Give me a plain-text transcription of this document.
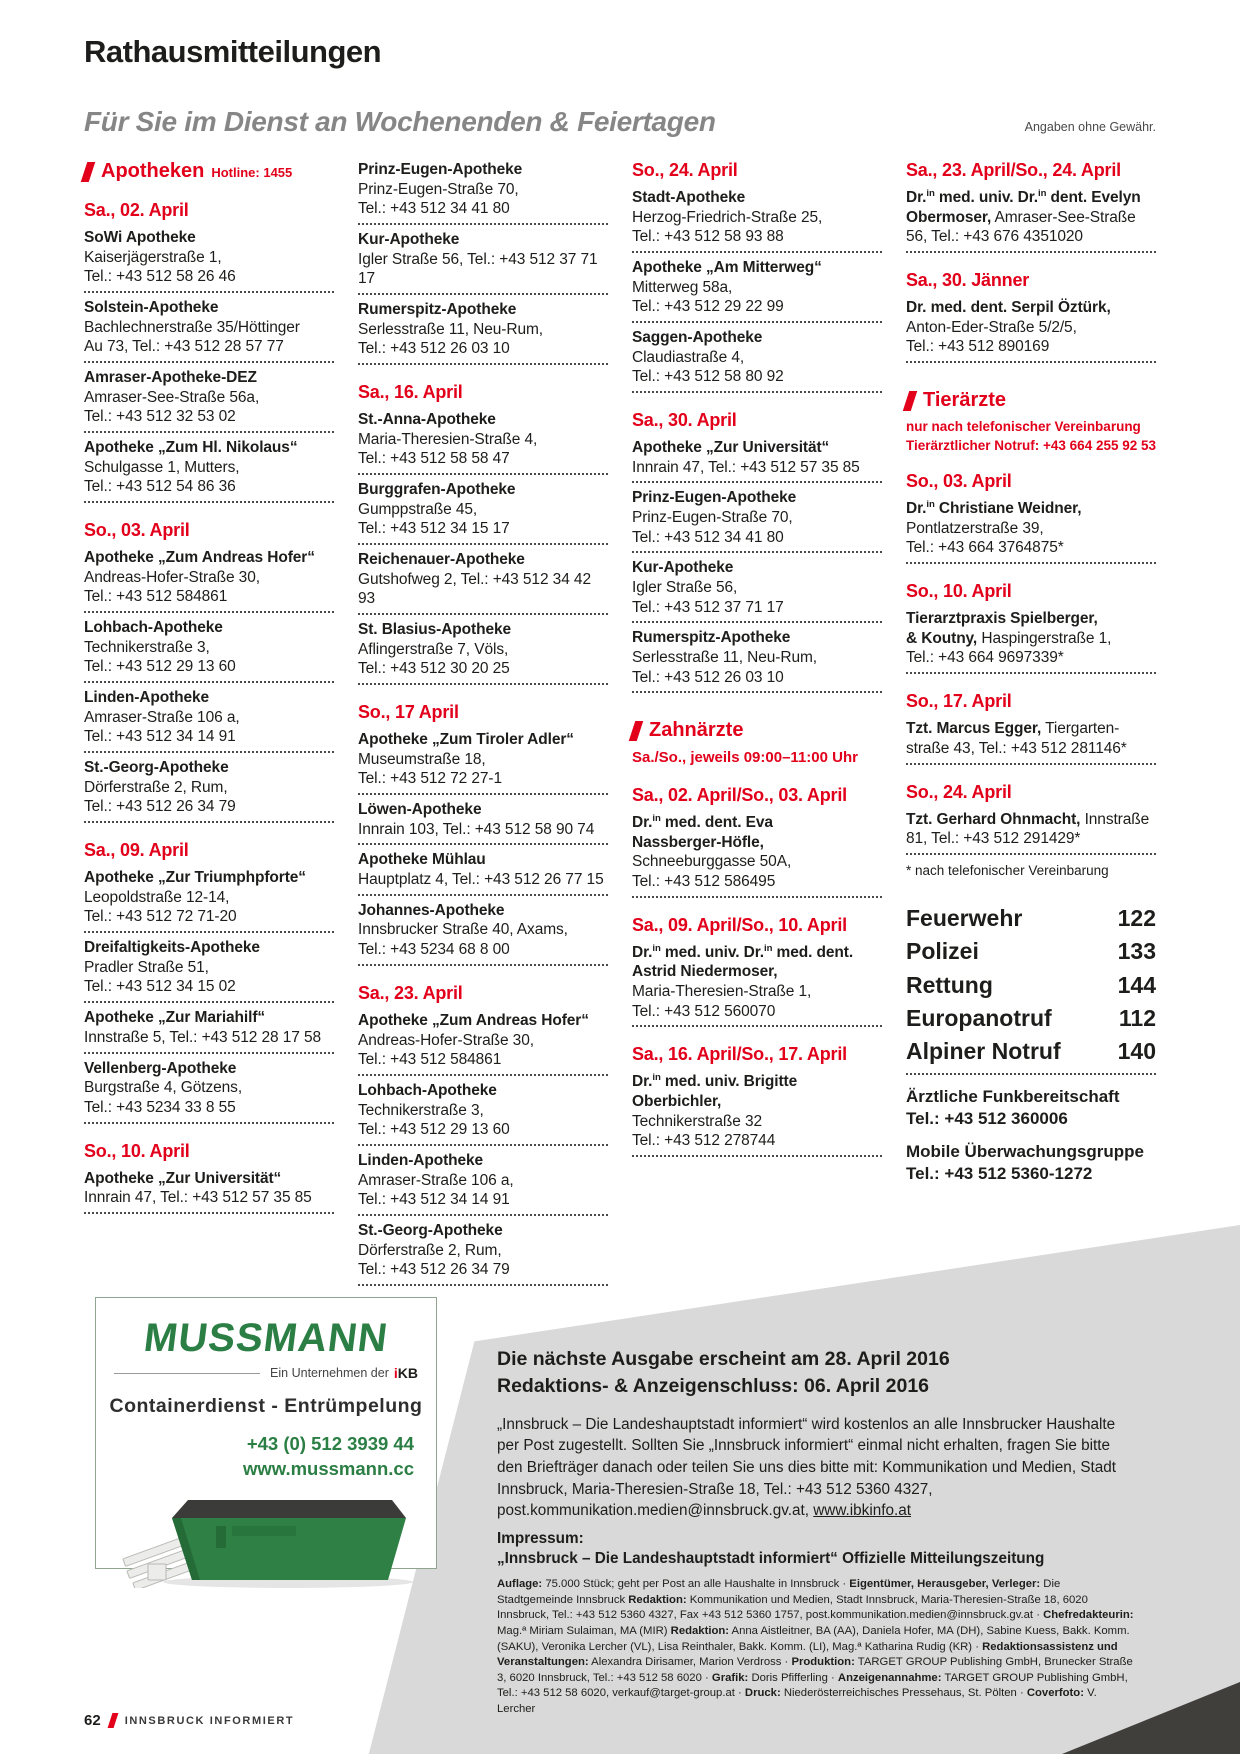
Rathausmitteilungen
Für Sie im Dienst an Wochenenden & Feiertagen	Angaben ohne Gewähr.
Apotheken Hotline: 1455
Sa., 02. April

SoWi Apotheke
Kaiserjägerstraße 1,
Tel.: +43 512 58 26 46

Solstein-Apotheke
Bachlechnerstraße 35/Höttinger
Au 73, Tel.: +43 512 28 57 77

Amraser-Apotheke-DEZ
Amraser-See-Straße 56a,
Tel.: +43 512 32 53 02

Apotheke „Zum Hl. Nikolaus“
Schulgasse 1, Mutters,
Tel.: +43 512 54 86 36

So., 03. April

Apotheke „Zum Andreas Hofer“
Andreas-Hofer-Straße 30,
Tel.: +43 512 584861

Lohbach-Apotheke
Technikerstraße 3,
Tel.: +43 512 29 13 60

Linden-Apotheke
Amraser-Straße 106 a,
Tel.: +43 512 34 14 91

St.-Georg-Apotheke
Dörferstraße 2, Rum,
Tel.: +43 512 26 34 79

Sa., 09. April

Apotheke „Zur Triumphpforte“
Leopoldstraße 12-14,
Tel.: +43 512 72 71-20

Dreifaltigkeits-Apotheke
Pradler Straße 51,
Tel.: +43 512 34 15 02

Apotheke „Zur Mariahilf“
Innstraße 5, Tel.: +43 512 28 17 58

Vellenberg-Apotheke
Burgstraße 4, Götzens,
Tel.: +43 5234 33 8 55

So., 10. April

Apotheke „Zur Universität“
Innrain 47, Tel.: +43 512 57 35 85

Prinz-Eugen-Apotheke
Prinz-Eugen-Straße 70,
Tel.: +43 512 34 41 80

Kur-Apotheke
Igler Straße 56, Tel.: +43 512 37 71 17

Rumerspitz-Apotheke
Serlesstraße 11, Neu-Rum,
Tel.: +43 512 26 03 10

Sa., 16. April

St.-Anna-Apotheke
Maria-Theresien-Straße 4,
Tel.: +43 512 58 58 47

Burggrafen-Apotheke
Gumppstraße 45,
Tel.: +43 512 34 15 17

Reichenauer-Apotheke
Gutshofweg 2, Tel.: +43 512 34 42 93

St. Blasius-Apotheke
Aflingerstraße 7, Völs,
Tel.: +43 512 30 20 25

So., 17 April

Apotheke „Zum Tiroler Adler“
Museumstraße 18,
Tel.: +43 512 72 27-1

Löwen-Apotheke
Innrain 103, Tel.: +43 512 58 90 74

Apotheke Mühlau
Hauptplatz 4, Tel.: +43 512 26 77 15

Johannes-Apotheke
Innsbrucker Straße 40, Axams,
Tel.: +43 5234 68 8 00

Sa., 23. April

Apotheke „Zum Andreas Hofer“
Andreas-Hofer-Straße 30,
Tel.: +43 512 584861

Lohbach-Apotheke
Technikerstraße 3,
Tel.: +43 512 29 13 60

Linden-Apotheke
Amraser-Straße 106 a,
Tel.: +43 512 34 14 91

St.-Georg-Apotheke
Dörferstraße 2, Rum,
Tel.: +43 512 26 34 79

So., 24. April

Stadt-Apotheke
Herzog-Friedrich-Straße 25,
Tel.: +43 512 58 93 88

Apotheke „Am Mitterweg“
Mitterweg 58a,
Tel.: +43 512 29 22 99

Saggen-Apotheke
Claudiastraße 4,
Tel.: +43 512 58 80 92

Sa., 30. April

Apotheke „Zur Universität“
Innrain 47, Tel.: +43 512 57 35 85

Prinz-Eugen-Apotheke
Prinz-Eugen-Straße 70,
Tel.: +43 512 34 41 80

Kur-Apotheke
Igler Straße 56,
Tel.: +43 512 37 71 17

Rumerspitz-Apotheke
Serlesstraße 11, Neu-Rum,
Tel.: +43 512 26 03 10

Zahnärzte
Sa./So., jeweils 09:00–11:00 Uhr
Sa., 02. April/So., 03. April

Dr.$^{in}$ med. dent. Eva
Nassberger-Höfle,
Schneeburggasse 50A,
Tel.: +43 512 586495

Sa., 09. April/So., 10. April

Dr.$^{in}$ med. univ. Dr.$^{in}$ med. dent.
Astrid Niedermoser,
Maria-Theresien-Straße 1,
Tel.: +43 512 560070

Sa., 16. April/So., 17. April

Dr.$^{in}$ med. univ. Brigitte
Oberbichler,
Technikerstraße 32
Tel.: +43 512 278744

Sa., 23. April/So., 24. April

Dr.$^{in}$ med. univ. Dr.$^{in}$ dent. Evelyn
Obermoser, Amraser-See-Straße
56, Tel.: +43 676 4351020

Sa., 30. Jänner

Dr. med. dent. Serpil Öztürk,
Anton-Eder-Straße 5/2/5,
Tel.: +43 512 890169

Tierärzte
nur nach telefonischer Vereinbarung
Tierärztlicher Notruf: +43 664 255 92 53
So., 03. April

Dr.$^{in}$ Christiane Weidner,
Pontlatzerstraße 39,
Tel.: +43 664 3764875*

So., 10. April

Tierarztpraxis Spielberger,
& Koutny, Haspingerstraße 1,
Tel.: +43 664 9697339*

So., 17. April

Tzt. Marcus Egger, Tiergarten-
straße 43, Tel.: +43 512 281146*

So., 24. April

Tzt. Gerhard Ohnmacht, Innstraße 81, Tel.: +43 512 291429*

* nach telefonischer Vereinbarung
Feuerwehr	122
Polizei	133
Rettung	144
Europanotruf	112
Alpiner Notruf 140
Ärztliche Funkbereitschaft
Tel.: +43 512 360006
Mobile Überwachungsgruppe
Tel.: +43 512 5360-1272
MUSSMANN
Ein Unternehmen der iKB
Containerdienst - Entrümpelung
+43 (0) 512 3939 44
www.mussmann.cc
Die nächste Ausgabe erscheint am 28. April 2016
Redaktions- & Anzeigenschluss: 06. April 2016
„Innsbruck – Die Landeshauptstadt informiert“ wird kostenlos an alle Innsbrucker Haushalte per Post zugestellt. Sollten Sie „Innsbruck informiert“ einmal nicht erhalten, fragen Sie bitte den Briefträger danach oder teilen Sie uns dies bitte mit: Kommunikation und Medien, Stadt Innsbruck, Maria-Theresien-Straße 18, Tel.: +43 512 5360 4327, post.kommunikation.medien@innsbruck.gv.at, www.ibkinfo.at
Impressum:
„Innsbruck – Die Landeshauptstadt informiert“ Offizielle Mitteilungszeitung
Auflage: 75.000 Stück; geht per Post an alle Haushalte in Innsbruck · Eigentümer, Herausgeber, Verleger: Die Stadtgemeinde Innsbruck Redaktion: Kommunikation und Medien, Stadt Innsbruck, Maria-Theresien-Straße 18, 6020 Innsbruck, Tel.: +43 512 5360 4327, Fax +43 512 5360 1757, post.kommunikation.medien@innsbruck.gv.at · Chefredakteurin: Mag.ª Miriam Sulaiman, MA (MIR) Redaktion: Anna Aistleitner, BA (AA), Daniela Hofer, MA (DH), Sabine Kuess, Bakk. Komm. (SAKU), Veronika Lercher (VL), Lisa Reinthaler, Bakk. Komm. (LI), Mag.ª Katharina Rudig (KR) · Redaktionsassistenz und Veranstaltungen: Alexandra Dirisamer, Marion Verdross · Produktion: TARGET GROUP Publishing GmbH, Brunecker Straße 3, 6020 Innsbruck, Tel.: +43 512 58 6020 · Grafik: Doris Pfifferling · Anzeigenannahme: TARGET GROUP Publishing GmbH, Tel.: +43 512 58 6020, verkauf@target-group.at · Druck: Niederösterreichisches Pressehaus, St. Pölten · Coverfoto: V. Lercher
62 INNSBRUCK INFORMIERT
